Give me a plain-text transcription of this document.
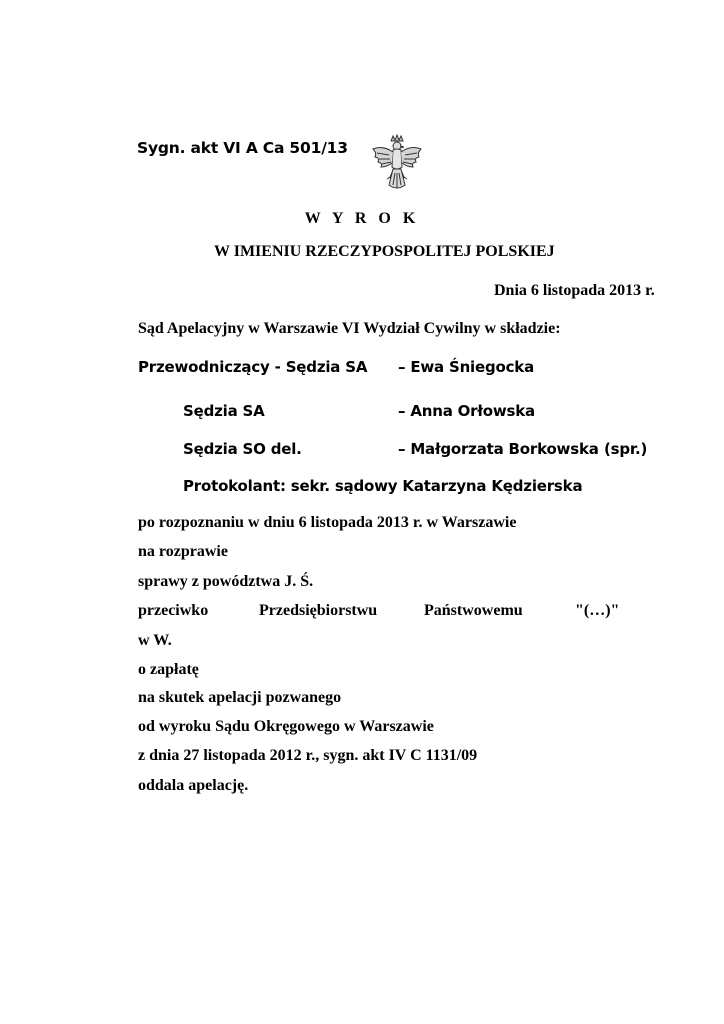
Sygn. akt VI A Ca 501/13
W Y R O K
W IMIENIU RZECZYPOSPOLITEJ POLSKIEJ
Dnia 6 listopada 2013 r.
Sąd Apelacyjny w Warszawie VI Wydział Cywilny w składzie:
Przewodniczący - Sędzia SA – Ewa Śniegocka
Sędzia SA	– Anna Orłowska
Sędzia SO del.	– Małgorzata Borkowska (spr.)
Protokolant: sekr. sądowy Katarzyna Kędzierska
po rozpoznaniu w dniu 6 listopada 2013 r. w Warszawie
na rozprawie
sprawy z powództwa J. Ś.
przeciwko	Przedsiębiorstwu	Państwowemu	"(…)"
w W.
o zapłatę
na skutek apelacji pozwanego
od wyroku Sądu Okręgowego w Warszawie
z dnia 27 listopada 2012 r., sygn. akt IV C 1131/09
oddala apelację.
